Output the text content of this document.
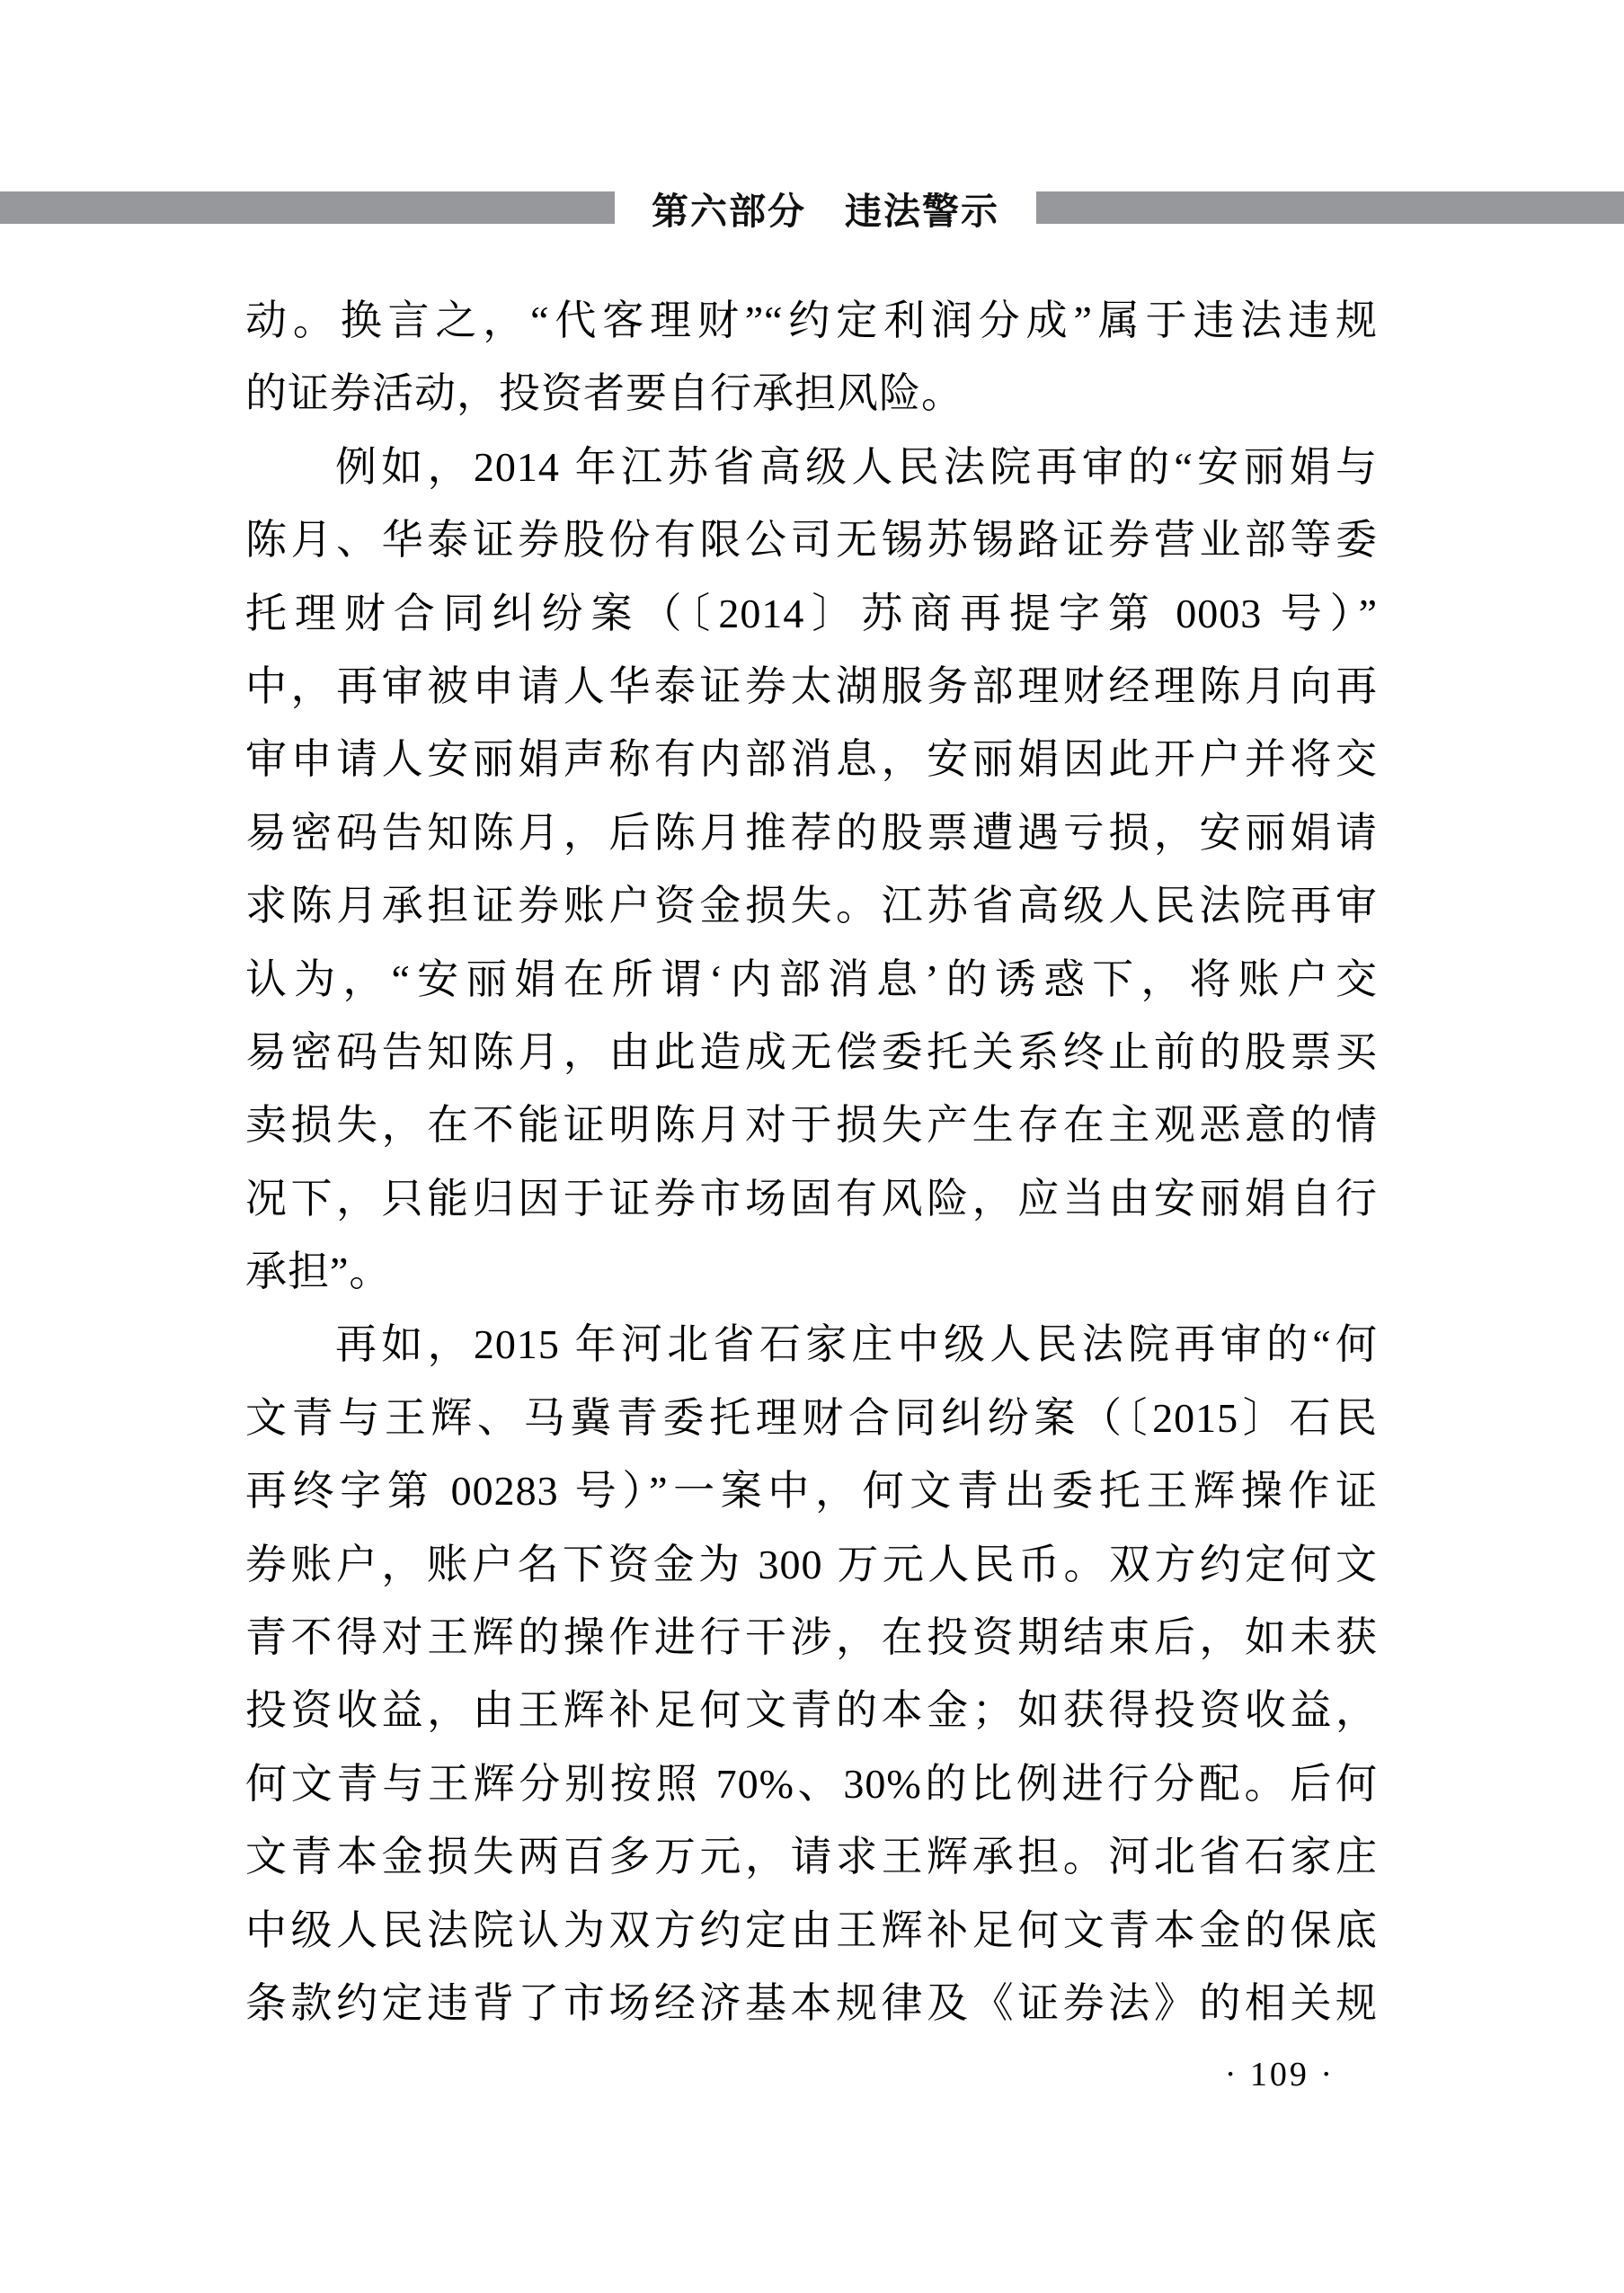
第六部分　违法警示
动。换言之，“代客理财”“约定利润分成”属于违法违规
的证券活动，投资者要自行承担风险。
例如，2014 年江苏省高级人民法院再审的“安丽娟与
陈月、华泰证券股份有限公司无锡苏锡路证券营业部等委
托理财合同纠纷案（〔2014〕苏商再提字第 0003 号）”
中，再审被申请人华泰证券太湖服务部理财经理陈月向再
审申请人安丽娟声称有内部消息，安丽娟因此开户并将交
易密码告知陈月，后陈月推荐的股票遭遇亏损，安丽娟请
求陈月承担证券账户资金损失。江苏省高级人民法院再审
认为，“安丽娟在所谓‘内部消息’的诱惑下，将账户交
易密码告知陈月，由此造成无偿委托关系终止前的股票买
卖损失，在不能证明陈月对于损失产生存在主观恶意的情
况下，只能归因于证券市场固有风险，应当由安丽娟自行
承担”。
再如，2015 年河北省石家庄中级人民法院再审的“何
文青与王辉、马冀青委托理财合同纠纷案（〔2015〕石民
再终字第 00283 号）”一案中，何文青出委托王辉操作证
券账户，账户名下资金为 300 万元人民币。双方约定何文
青不得对王辉的操作进行干涉，在投资期结束后，如未获
投资收益，由王辉补足何文青的本金；如获得投资收益，
何文青与王辉分别按照 70%、30%的比例进行分配。后何
文青本金损失两百多万元，请求王辉承担。河北省石家庄
中级人民法院认为双方约定由王辉补足何文青本金的保底
条款约定违背了市场经济基本规律及《证券法》的相关规
· 109 ·
